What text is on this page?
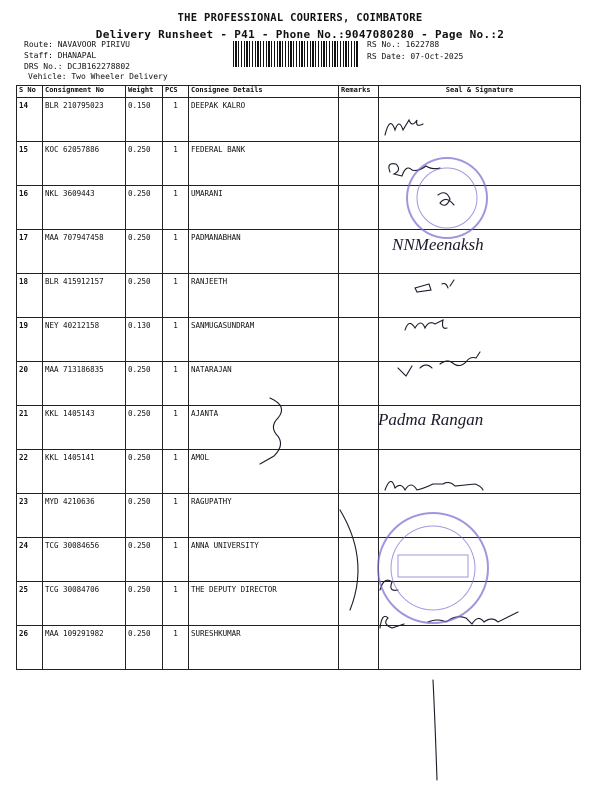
THE PROFESSIONAL COURIERS, COIMBATORE
Delivery Runsheet - P41 - Phone No.:9047080280 - Page No.:2
Route: NAVAVOOR PIRIVU
Staff: DHANAPAL
DRS No.: DCJB162278802
Vehicle: Two Wheeler Delivery
RS No.: 1622788
RS Date: 07-Oct-2025
S No	Consignment No	Weight	PCS	Consignee Details	Remarks	Seal & Signature
14	BLR 210795023	0.150	1	DEEPAK KALRO		
15	KOC 62057886	0.250	1	FEDERAL BANK		
16	NKL 3609443	0.250	1	UMARANI		
17	MAA 707947458	0.250	1	PADMANABHAN		
18	BLR 415912157	0.250	1	RANJEETH		
19	NEY 40212158	0.130	1	SANMUGASUNDRAM		
20	MAA 713186835	0.250	1	NATARAJAN		
21	KKL 1405143	0.250	1	AJANTA		
22	KKL 1405141	0.250	1	AMOL		
23	MYD 4210636	0.250	1	RAGUPATHY		
24	TCG 30084656	0.250	1	ANNA UNIVERSITY		
25	TCG 30084706	0.250	1	THE DEPUTY DIRECTOR		
26	MAA 109291982	0.250	1	SURESHKUMAR		
NNMeenaksh
Padma Rangan
